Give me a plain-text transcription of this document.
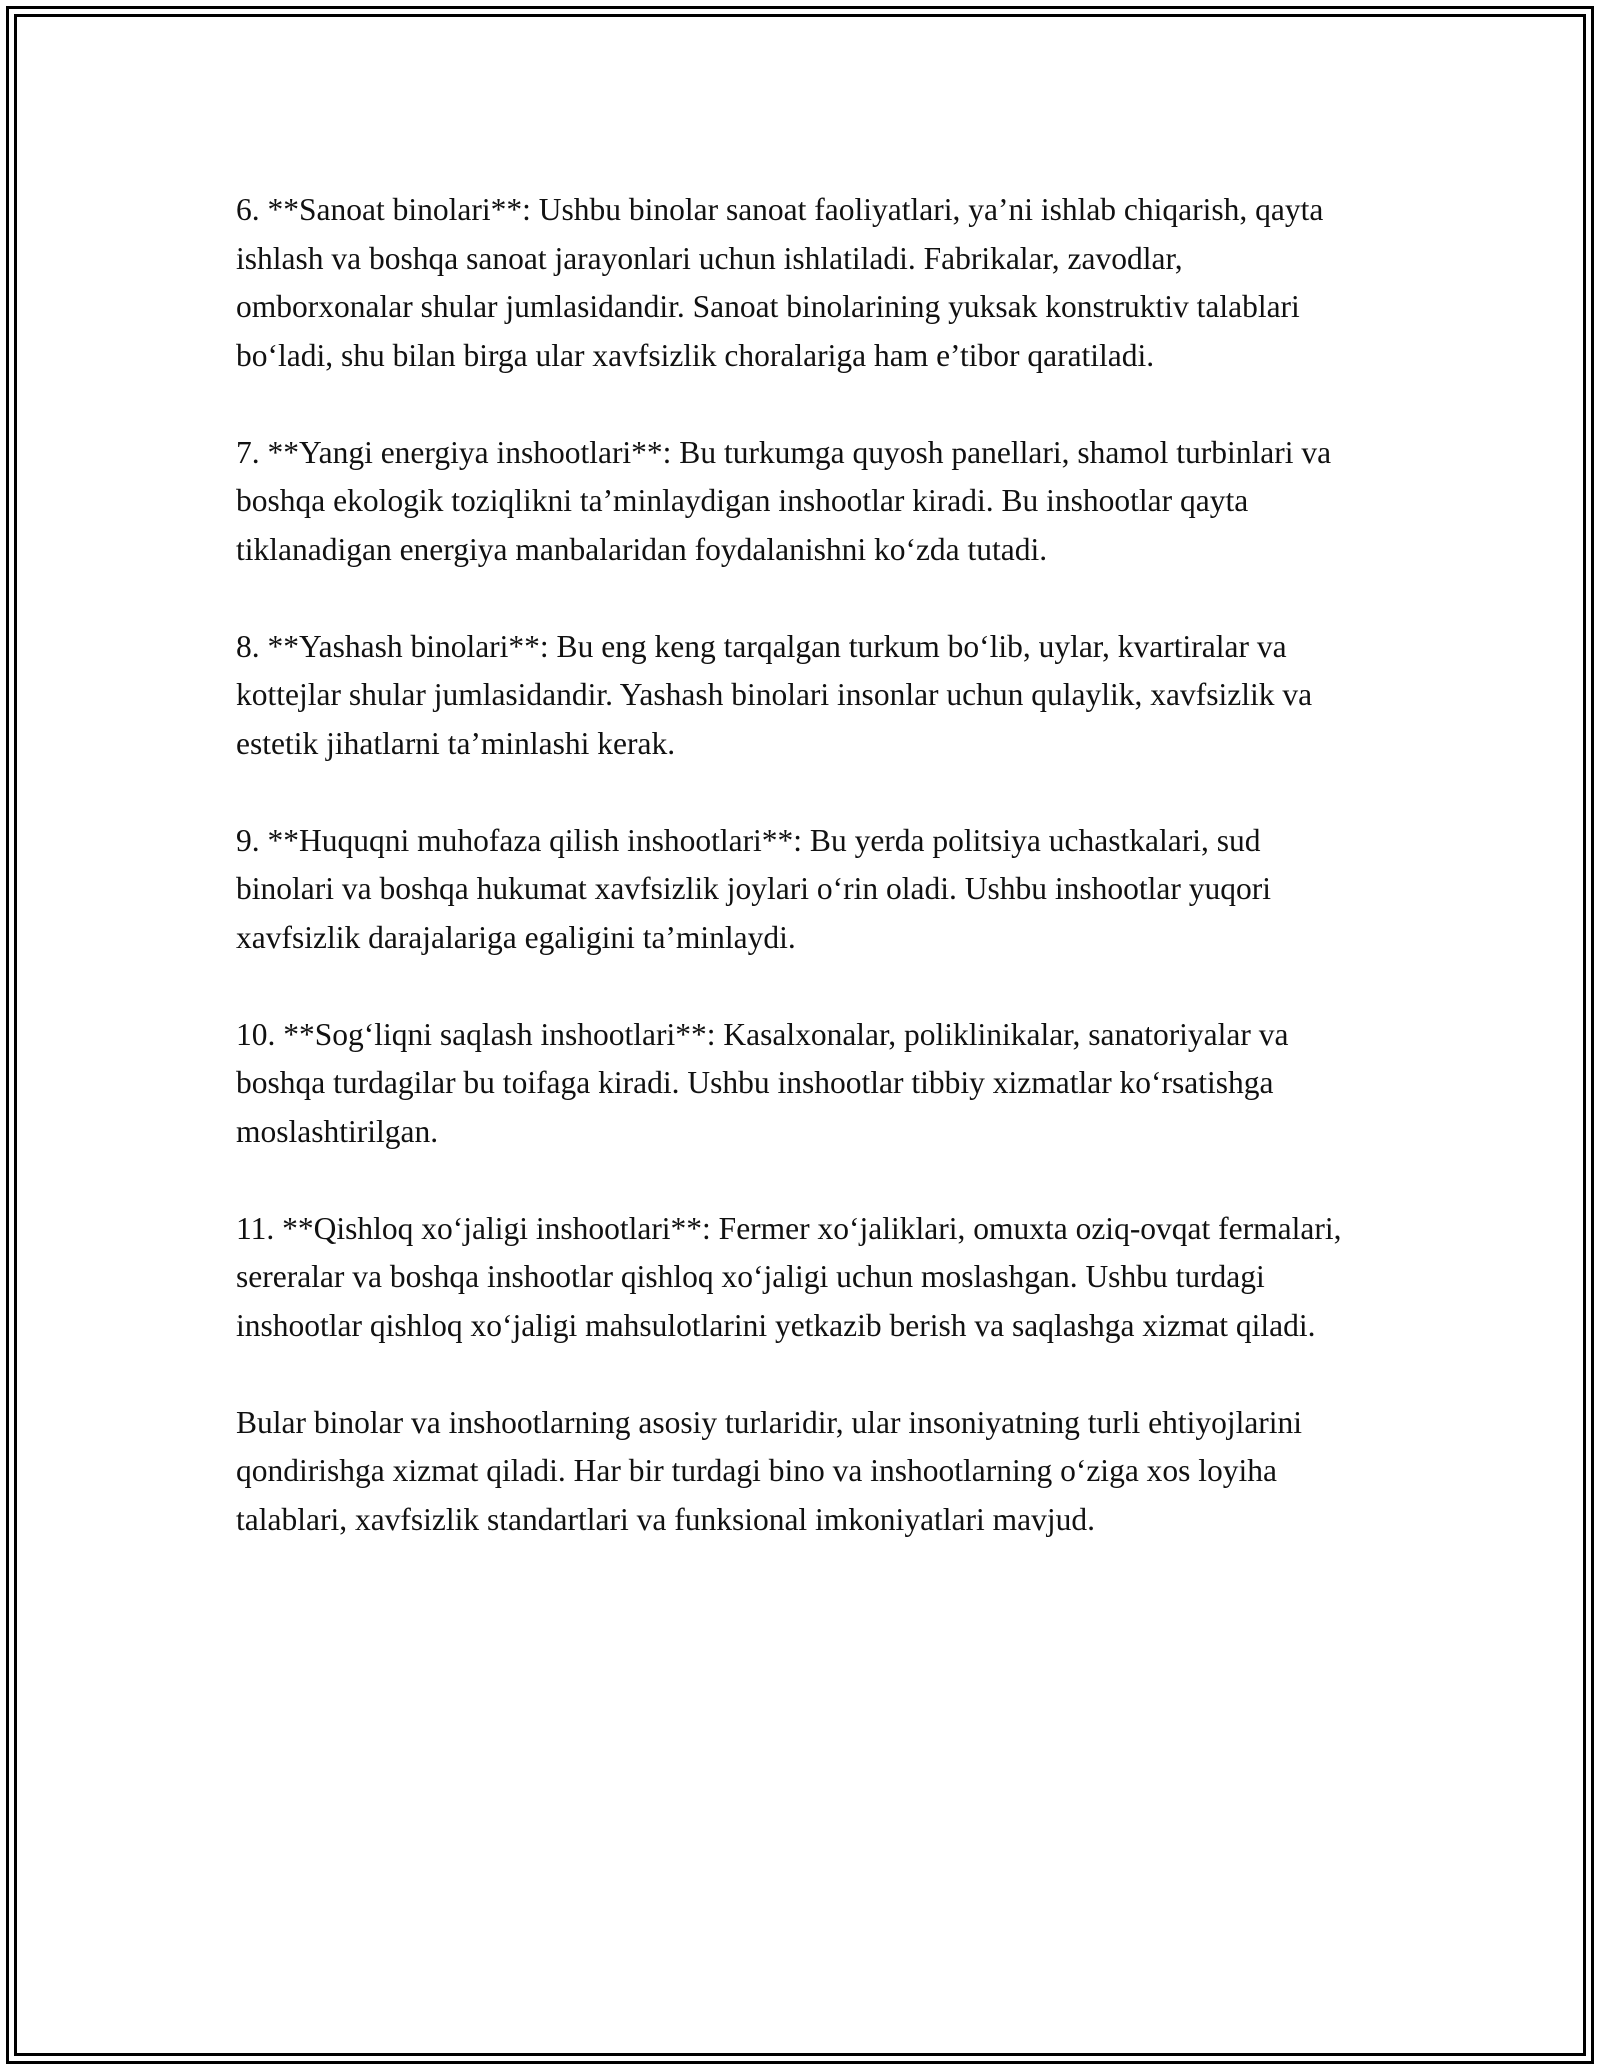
6. **Sanoat binolari**: Ushbu binolar sanoat faoliyatlari, ya’ni ishlab chiqarish, qayta ishlash va boshqa sanoat jarayonlari uchun ishlatiladi. Fabrikalar, zavodlar, omborxonalar shular jumlasidandir. Sanoat binolarining yuksak konstruktiv talablari bo‘ladi, shu bilan birga ular xavfsizlik choralariga ham e’tibor qaratiladi.

7. **Yangi energiya inshootlari**: Bu turkumga quyosh panellari, shamol turbinlari va boshqa ekologik toziqlikni ta’minlaydigan inshootlar kiradi. Bu inshootlar qayta tiklanadigan energiya manbalaridan foydalanishni ko‘zda tutadi.

8. **Yashash binolari**: Bu eng keng tarqalgan turkum bo‘lib, uylar, kvartiralar va kottejlar shular jumlasidandir. Yashash binolari insonlar uchun qulaylik, xavfsizlik va estetik jihatlarni ta’minlashi kerak.

9. **Huquqni muhofaza qilish inshootlari**: Bu yerda politsiya uchastkalari, sud binolari va boshqa hukumat xavfsizlik joylari o‘rin oladi. Ushbu inshootlar yuqori xavfsizlik darajalariga egaligini ta’minlaydi.

10. **Sog‘liqni saqlash inshootlari**: Kasalxonalar, poliklinikalar, sanatoriyalar va boshqa turdagilar bu toifaga kiradi. Ushbu inshootlar tibbiy xizmatlar ko‘rsatishga moslashtirilgan.

11. **Qishloq xo‘jaligi inshootlari**: Fermer xo‘jaliklari, omuxta oziq-ovqat fermalari, sereralar va boshqa inshootlar qishloq xo‘jaligi uchun moslashgan. Ushbu turdagi inshootlar qishloq xo‘jaligi mahsulotlarini yetkazib berish va saqlashga xizmat qiladi.

Bular binolar va inshootlarning asosiy turlaridir, ular insoniyatning turli ehtiyojlarini qondirishga xizmat qiladi. Har bir turdagi bino va inshootlarning o‘ziga xos loyiha talablari, xavfsizlik standartlari va funksional imkoniyatlari mavjud.
